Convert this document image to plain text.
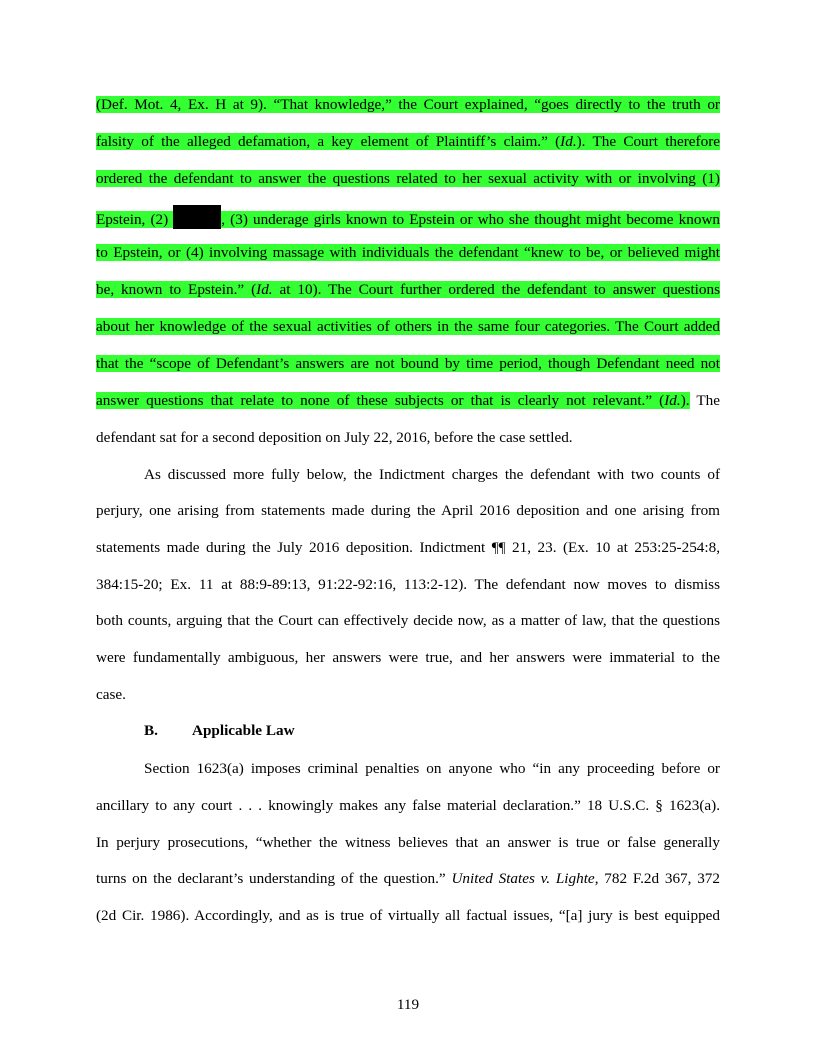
(Def. Mot. 4, Ex. H at 9). “That knowledge,” the Court explained, “goes directly to the truth or
falsity of the alleged defamation, a key element of Plaintiff’s claim.” (Id.). The Court therefore
ordered the defendant to answer the questions related to her sexual activity with or involving (1)
Epstein, (2)	, (3) underage girls known to Epstein or who she thought might become known
to Epstein, or (4) involving massage with individuals the defendant “knew to be, or believed might
be, known to Epstein.” (Id. at 10). The Court further ordered the defendant to answer questions
about her knowledge of the sexual activities of others in the same four categories. The Court added
that the “scope of Defendant’s answers are not bound by time period, though Defendant need not
answer questions that relate to none of these subjects or that is clearly not relevant.” (Id.). The
defendant sat for a second deposition on July 22, 2016, before the case settled.
As discussed more fully below, the Indictment charges the defendant with two counts of
perjury, one arising from statements made during the April 2016 deposition and one arising from
statements made during the July 2016 deposition. Indictment ¶¶ 21, 23. (Ex. 10 at 253:25-254:8,
384:15-20; Ex. 11 at 88:9-89:13, 91:22-92:16, 113:2-12). The defendant now moves to dismiss
both counts, arguing that the Court can effectively decide now, as a matter of law, that the questions
were fundamentally ambiguous, her answers were true, and her answers were immaterial to the
case.
B. Applicable Law
Section 1623(a) imposes criminal penalties on anyone who “in any proceeding before or
ancillary to any court . . . knowingly makes any false material declaration.” 18 U.S.C. § 1623(a).
In perjury prosecutions, “whether the witness believes that an answer is true or false generally
turns on the declarant’s understanding of the question.” United States v. Lighte, 782 F.2d 367, 372
(2d Cir. 1986). Accordingly, and as is true of virtually all factual issues, “[a] jury is best equipped
119
